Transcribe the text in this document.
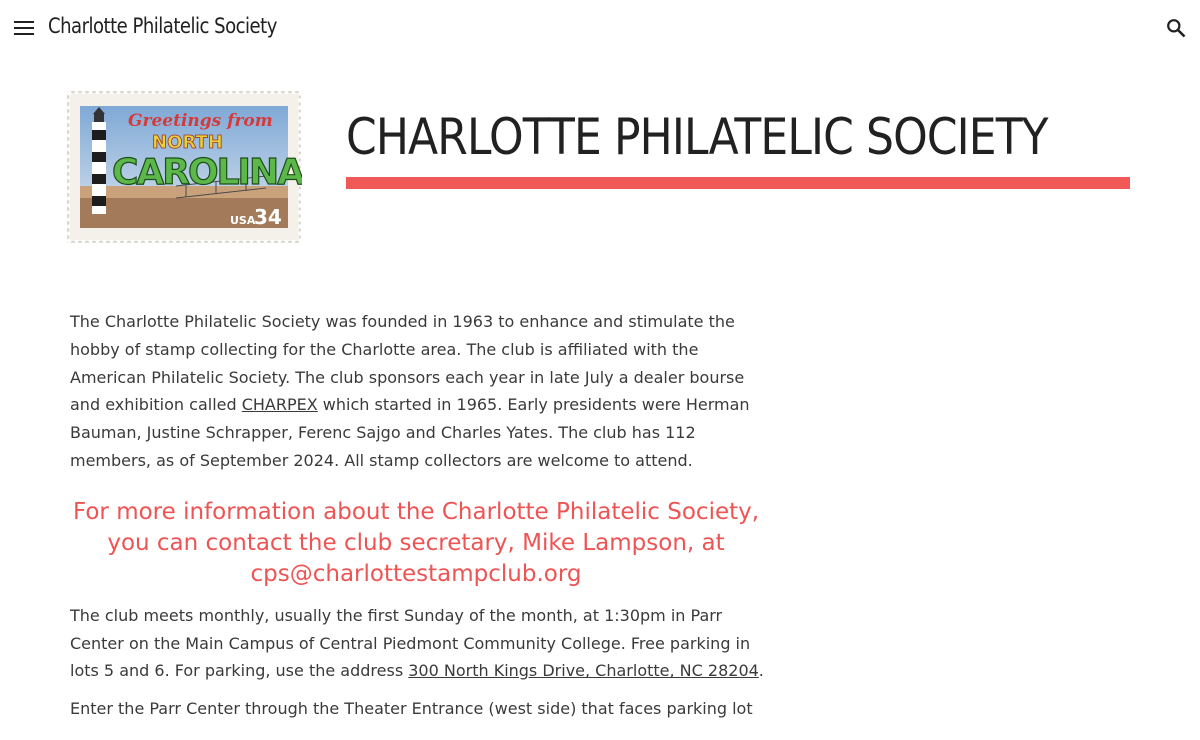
Charlotte Philatelic Society
Greetings from
NORTH
CAROLINA
USA
34
CHARLOTTE PHILATELIC SOCIETY

The Charlotte Philatelic Society was founded in 1963 to enhance and stimulate the hobby of stamp collecting for the Charlotte area. The club is affiliated with the American Philatelic Society. The club sponsors each year in late July a dealer bourse and exhibition called CHARPEX which started in 1965. Early presidents were Herman Bauman, Justine Schrapper, Ferenc Sajgo and Charles Yates. The club has 112 members, as of September 2024. All stamp collectors are welcome to attend.

For more information about the Charlotte Philatelic Society, you can contact the club secretary, Mike Lampson, at cps@charlottestampclub.org

The club meets monthly, usually the first Sunday of the month, at 1:30pm in Parr Center on the Main Campus of Central Piedmont Community College. Free parking in lots 5 and 6. For parking, use the address 300 North Kings Drive, Charlotte, NC 28204.

Enter the Parr Center through the Theater Entrance (west side) that faces parking lot
